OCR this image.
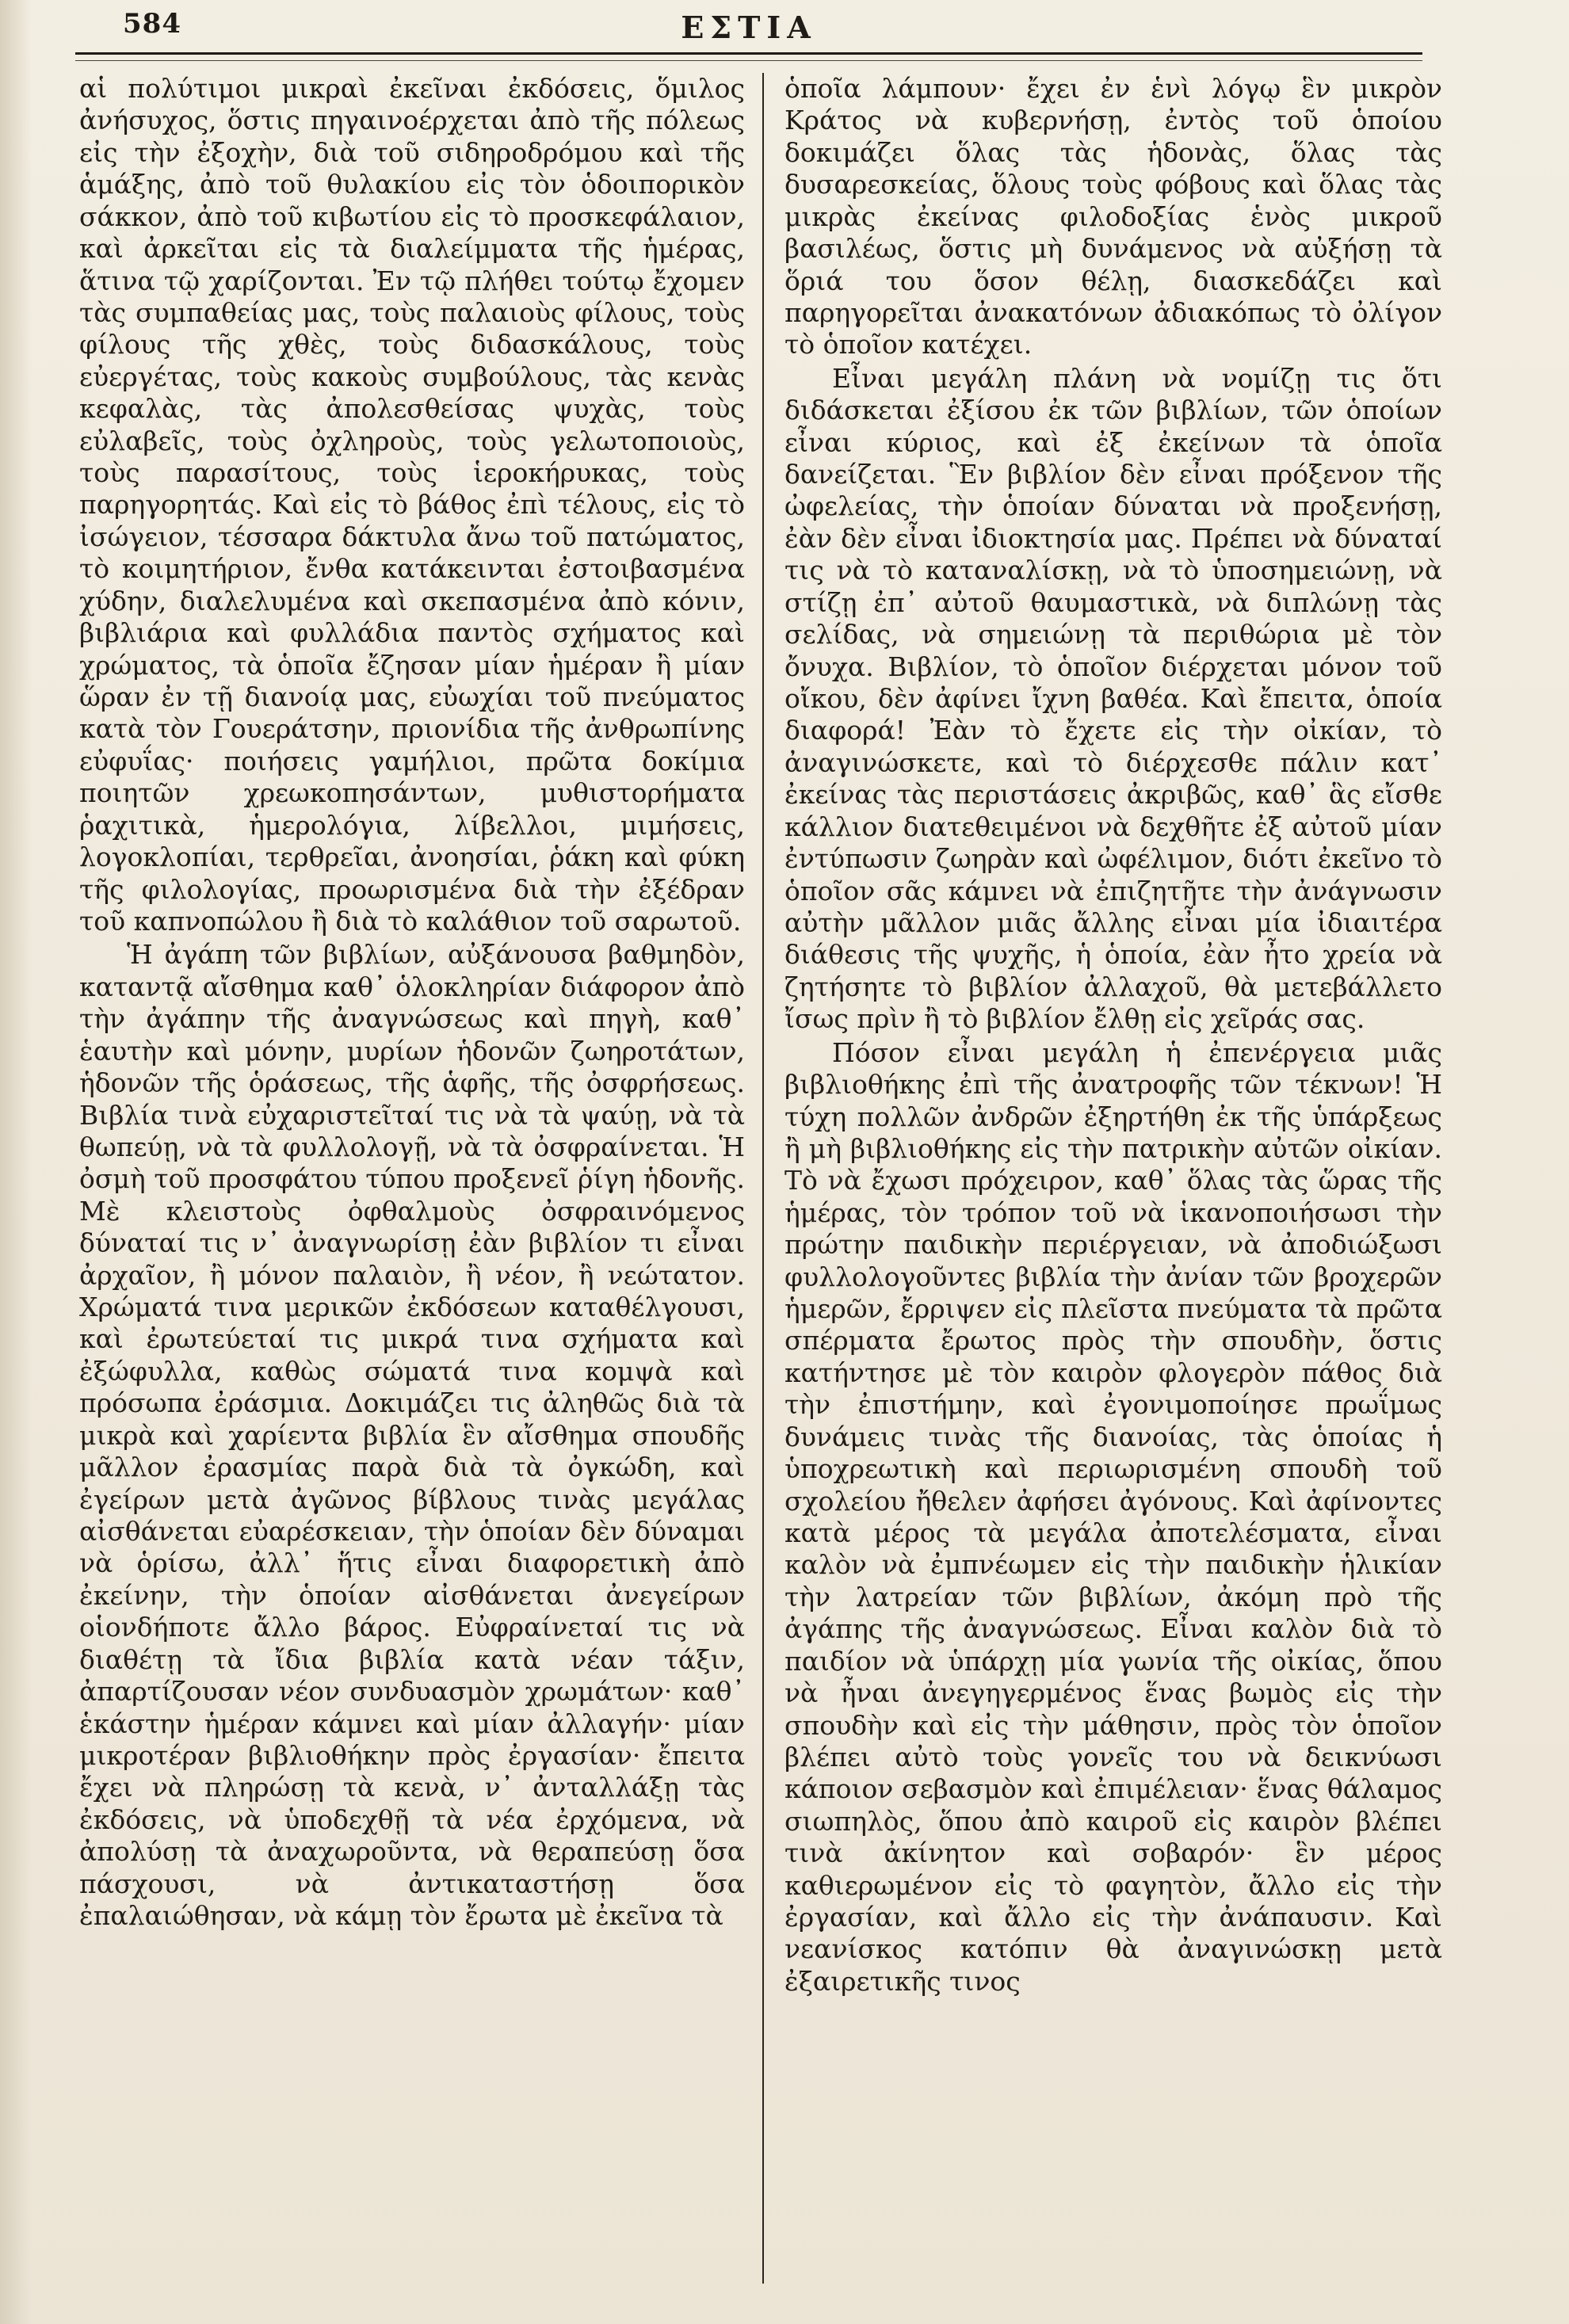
584	ΕΣΤΙΑ

αἱ πολύτιμοι μικραὶ ἐκεῖναι ἐκδόσεις, ὅμιλος ἀνήσυχος, ὅστις πηγαινοέρχεται ἀπὸ τῆς πόλεως εἰς τὴν ἐξοχὴν, διὰ τοῦ σιδηροδρόμου καὶ τῆς ἁμάξης, ἀπὸ τοῦ θυλακίου εἰς τὸν ὁδοιπορικὸν σάκκον, ἀπὸ τοῦ κιβωτίου εἰς τὸ προσκεφάλαιον, καὶ ἀρκεῖται εἰς τὰ διαλείμματα τῆς ἡμέρας, ἅτινα τῷ χαρίζονται. Ἐν τῷ πλήθει τούτῳ ἔχομεν τὰς συμπαθείας μας, τοὺς παλαιοὺς φίλους, τοὺς φίλους τῆς χθὲς, τοὺς διδασκάλους, τοὺς εὐεργέτας, τοὺς κακοὺς συμβούλους, τὰς κενὰς κεφαλὰς, τὰς ἀπολεσθείσας ψυχὰς, τοὺς εὐλαβεῖς, τοὺς ὀχληροὺς, τοὺς γελωτοποιοὺς, τοὺς παρασίτους, τοὺς ἱεροκήρυκας, τοὺς παρηγορητάς. Καὶ εἰς τὸ βάθος ἐπὶ τέλους, εἰς τὸ ἰσώγειον, τέσσαρα δάκτυλα ἄνω τοῦ πατώματος, τὸ κοιμητήριον, ἔνθα κατάκεινται ἐστοιβασμένα χύδην, διαλελυμένα καὶ σκεπασμένα ἀπὸ κόνιν, βιβλιάρια καὶ φυλλάδια παντὸς σχήματος καὶ χρώματος, τὰ ὁποῖα ἔζησαν μίαν ἡμέραν ἢ μίαν ὥραν ἐν τῇ διανοίᾳ μας, εὐωχίαι τοῦ πνεύματος κατὰ τὸν Γουεράτσην, πριονίδια τῆς ἀνθρωπίνης εὐφυΐας· ποιήσεις γαμήλιοι, πρῶτα δοκίμια ποιητῶν χρεωκοπησάντων, μυθιστορήματα ῥαχιτικὰ, ἡμερολόγια, λίβελλοι, μιμήσεις, λογοκλοπίαι, τερθρεῖαι, ἀνοησίαι, ῥάκη καὶ φύκη τῆς φιλολογίας, προωρισμένα διὰ τὴν ἐξέδραν τοῦ καπνοπώλου ἢ διὰ τὸ καλάθιον τοῦ σαρωτοῦ.

Ἡ ἀγάπη τῶν βιβλίων, αὐξάνουσα βαθμηδὸν, καταντᾷ αἴσθημα καθ᾽ ὁλοκληρίαν διάφορον ἀπὸ τὴν ἀγάπην τῆς ἀναγνώσεως καὶ πηγὴ, καθ᾽ ἑαυτὴν καὶ μόνην, μυρίων ἡδονῶν ζωηροτάτων, ἡδονῶν τῆς ὁράσεως, τῆς ἁφῆς, τῆς ὀσφρήσεως. Βιβλία τινὰ εὐχαριστεῖταί τις νὰ τὰ ψαύῃ, νὰ τὰ θωπεύῃ, νὰ τὰ φυλλολογῇ, νὰ τὰ ὀσφραίνεται. Ἡ ὀσμὴ τοῦ προσφάτου τύπου προξενεῖ ῥίγη ἡδονῆς. Μὲ κλειστοὺς ὀφθαλμοὺς ὀσφραινόμενος δύναταί τις ν᾽ ἀναγνωρίσῃ ἐὰν βιβλίον τι εἶναι ἀρχαῖον, ἢ μόνον παλαιὸν, ἢ νέον, ἢ νεώτατον. Χρώματά τινα μερικῶν ἐκδόσεων καταθέλγουσι, καὶ ἐρωτεύεταί τις μικρά τινα σχήματα καὶ ἐξώφυλλα, καθὼς σώματά τινα κομψὰ καὶ πρόσωπα ἐράσμια. Δοκιμάζει τις ἀληθῶς διὰ τὰ μικρὰ καὶ χαρίεντα βιβλία ἓν αἴσθημα σπουδῆς μᾶλλον ἐρασμίας παρὰ διὰ τὰ ὀγκώδη, καὶ ἐγείρων μετὰ ἀγῶνος βίβλους τινὰς μεγάλας αἰσθάνεται εὐαρέσκειαν, τὴν ὁποίαν δὲν δύναμαι νὰ ὁρίσω, ἀλλ᾽ ἥτις εἶναι διαφορετικὴ ἀπὸ ἐκείνην, τὴν ὁποίαν αἰσθάνεται ἀνεγείρων οἱονδήποτε ἄλλο βάρος. Εὐφραίνεταί τις νὰ διαθέτῃ τὰ ἴδια βιβλία κατὰ νέαν τάξιν, ἀπαρτίζουσαν νέον συνδυασμὸν χρωμάτων· καθ᾽ ἑκάστην ἡμέραν κάμνει καὶ μίαν ἀλλαγήν· μίαν μικροτέραν βιβλιοθήκην πρὸς ἐργασίαν· ἔπειτα ἔχει νὰ πληρώσῃ τὰ κενὰ, ν᾽ ἀνταλλάξῃ τὰς ἐκδόσεις, νὰ ὑποδεχθῇ τὰ νέα ἐρχόμενα, νὰ ἀπολύσῃ τὰ ἀναχωροῦντα, νὰ θεραπεύσῃ ὅσα πάσχουσι, νὰ ἀντικαταστήσῃ ὅσα ἐπαλαιώθησαν, νὰ κάμῃ τὸν ἔρωτα μὲ ἐκεῖνα τὰ

ὁποῖα λάμπουν· ἔχει ἐν ἑνὶ λόγῳ ἓν μικρὸν Κράτος νὰ κυβερνήσῃ, ἐντὸς τοῦ ὁποίου δοκιμάζει ὅλας τὰς ἡδονὰς, ὅλας τὰς δυσαρεσκείας, ὅλους τοὺς φόβους καὶ ὅλας τὰς μικρὰς ἐκείνας φιλοδοξίας ἑνὸς μικροῦ βασιλέως, ὅστις μὴ δυνάμενος νὰ αὐξήσῃ τὰ ὅριά του ὅσον θέλῃ, διασκεδάζει καὶ παρηγορεῖται ἀνακατόνων ἀδιακόπως τὸ ὀλίγον τὸ ὁποῖον κατέχει.

Εἶναι μεγάλη πλάνη νὰ νομίζῃ τις ὅτι διδάσκεται ἐξίσου ἐκ τῶν βιβλίων, τῶν ὁποίων εἶναι κύριος, καὶ ἐξ ἐκείνων τὰ ὁποῖα δανείζεται. Ἓν βιβλίον δὲν εἶναι πρόξενον τῆς ὠφελείας, τὴν ὁποίαν δύναται νὰ προξενήσῃ, ἐὰν δὲν εἶναι ἰδιοκτησία μας. Πρέπει νὰ δύναταί τις νὰ τὸ καταναλίσκῃ, νὰ τὸ ὑποσημειώνῃ, νὰ στίζῃ ἐπ᾽ αὐτοῦ θαυμαστικὰ, νὰ διπλώνῃ τὰς σελίδας, νὰ σημειώνῃ τὰ περιθώρια μὲ τὸν ὄνυχα. Βιβλίον, τὸ ὁποῖον διέρχεται μόνον τοῦ οἴκου, δὲν ἀφίνει ἴχνη βαθέα. Καὶ ἔπειτα, ὁποία διαφορά! Ἐὰν τὸ ἔχετε εἰς τὴν οἰκίαν, τὸ ἀναγινώσκετε, καὶ τὸ διέρχεσθε πάλιν κατ᾽ ἐκείνας τὰς περιστάσεις ἀκριβῶς, καθ᾽ ἃς εἴσθε κάλλιον διατεθειμένοι νὰ δεχθῆτε ἐξ αὐτοῦ μίαν ἐντύπωσιν ζωηρὰν καὶ ὠφέλιμον, διότι ἐκεῖνο τὸ ὁποῖον σᾶς κάμνει νὰ ἐπιζητῆτε τὴν ἀνάγνωσιν αὐτὴν μᾶλλον μιᾶς ἄλλης εἶναι μία ἰδιαιτέρα διάθεσις τῆς ψυχῆς, ἡ ὁποία, ἐὰν ἦτο χρεία νὰ ζητήσητε τὸ βιβλίον ἀλλαχοῦ, θὰ μετεβάλλετο ἴσως πρὶν ἢ τὸ βιβλίον ἔλθῃ εἰς χεῖράς σας.

Πόσον εἶναι μεγάλη ἡ ἐπενέργεια μιᾶς βιβλιοθήκης ἐπὶ τῆς ἀνατροφῆς τῶν τέκνων! Ἡ τύχη πολλῶν ἀνδρῶν ἐξηρτήθη ἐκ τῆς ὑπάρξεως ἢ μὴ βιβλιοθήκης εἰς τὴν πατρικὴν αὐτῶν οἰκίαν. Τὸ νὰ ἔχωσι πρόχειρον, καθ᾽ ὅλας τὰς ὥρας τῆς ἡμέρας, τὸν τρόπον τοῦ νὰ ἱκανοποιήσωσι τὴν πρώτην παιδικὴν περιέργειαν, νὰ ἀποδιώξωσι φυλλολογοῦντες βιβλία τὴν ἀνίαν τῶν βροχερῶν ἡμερῶν, ἔρριψεν εἰς πλεῖστα πνεύματα τὰ πρῶτα σπέρματα ἔρωτος πρὸς τὴν σπουδὴν, ὅστις κατήντησε μὲ τὸν καιρὸν φλογερὸν πάθος διὰ τὴν ἐπιστήμην, καὶ ἐγονιμοποίησε πρωΐμως δυνάμεις τινὰς τῆς διανοίας, τὰς ὁποίας ἡ ὑποχρεωτικὴ καὶ περιωρισμένη σπουδὴ τοῦ σχολείου ἤθελεν ἀφήσει ἀγόνους. Καὶ ἀφίνοντες κατὰ μέρος τὰ μεγάλα ἀποτελέσματα, εἶναι καλὸν νὰ ἐμπνέωμεν εἰς τὴν παιδικὴν ἡλικίαν τὴν λατρείαν τῶν βιβλίων, ἀκόμη πρὸ τῆς ἀγάπης τῆς ἀναγνώσεως. Εἶναι καλὸν διὰ τὸ παιδίον νὰ ὑπάρχῃ μία γωνία τῆς οἰκίας, ὅπου νὰ ἦναι ἀνεγηγερμένος ἕνας βωμὸς εἰς τὴν σπουδὴν καὶ εἰς τὴν μάθησιν, πρὸς τὸν ὁποῖον βλέπει αὐτὸ τοὺς γονεῖς του νὰ δεικνύωσι κάποιον σεβασμὸν καὶ ἐπιμέλειαν· ἕνας θάλαμος σιωπηλὸς, ὅπου ἀπὸ καιροῦ εἰς καιρὸν βλέπει τινὰ ἀκίνητον καὶ σοβαρόν· ἓν μέρος καθιερωμένον εἰς τὸ φαγητὸν, ἄλλο εἰς τὴν ἐργασίαν, καὶ ἄλλο εἰς τὴν ἀνάπαυσιν. Καὶ νεανίσκος κατόπιν θὰ ἀναγινώσκῃ μετὰ ἐξαιρετικῆς τινος
